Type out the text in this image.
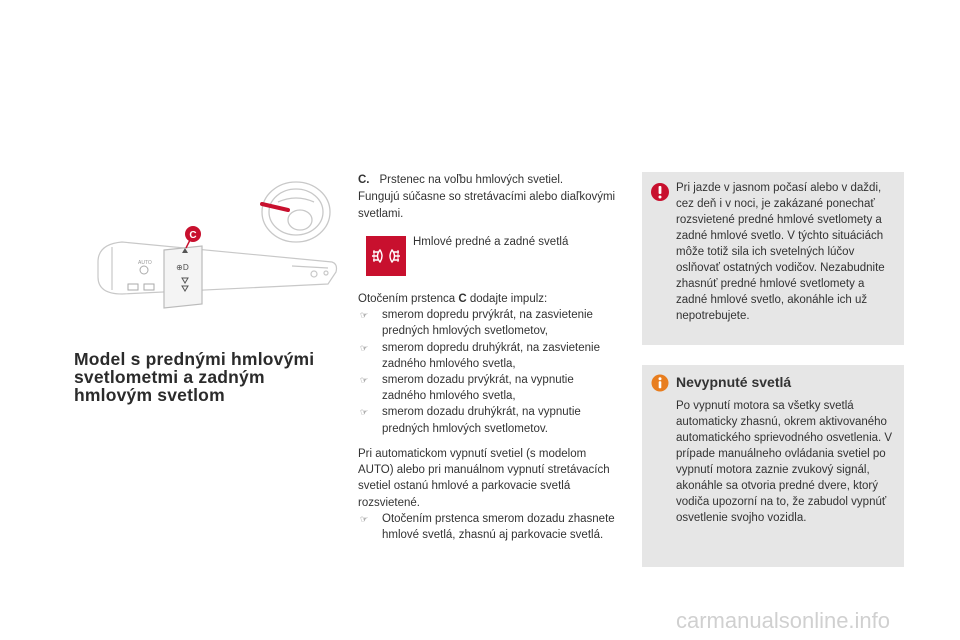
AUTO	⊕D
C
Model s prednými hmlovými svetlometmi a zadným hmlovým svetlom

C. Prstenec na voľbu hmlových svetiel.

Fungujú súčasne so stretávacími alebo diaľkovými svetlami.

Hmlové predné a zadné svetlá
Otočením prstenca C dodajte impulz:
☞	smerom dopredu prvýkrát, na zasvietenie predných hmlových svetlometov,
☞	smerom dopredu druhýkrát, na zasvietenie zadného hmlového svetla,
☞	smerom dozadu prvýkrát, na vypnutie zadného hmlového svetla,
☞	smerom dozadu druhýkrát, na vypnutie predných hmlových svetlometov.
Pri automatickom vypnutí svetiel (s modelom AUTO) alebo pri manuálnom vypnutí stretávacích svetiel ostanú hmlové a parkovacie svetlá rozsvietené.
☞	Otočením prstenca smerom dozadu zhasnete hmlové svetlá, zhasnú aj parkovacie svetlá.
Pri jazde v jasnom počasí alebo v daždi, cez deň i v noci, je zakázané ponechať rozsvietené predné hmlové svetlomety a zadné hmlové svetlo. V týchto situáciách môže totiž sila ich svetelných lúčov oslňovať ostatných vodičov. Nezabudnite zhasnúť predné hmlové svetlomety a zadné hmlové svetlo, akonáhle ich už nepotrebujete.
Nevypnuté svetlá
Po vypnutí motora sa všetky svetlá automaticky zhasnú, okrem aktivovaného automatického sprievodného osvetlenia. V prípade manuálneho ovládania svetiel po vypnutí motora zaznie zvukový signál, akonáhle sa otvoria predné dvere, ktorý vodiča upozorní na to, že zabudol vypnúť osvetlenie svojho vozidla.
carmanualsonline.info
